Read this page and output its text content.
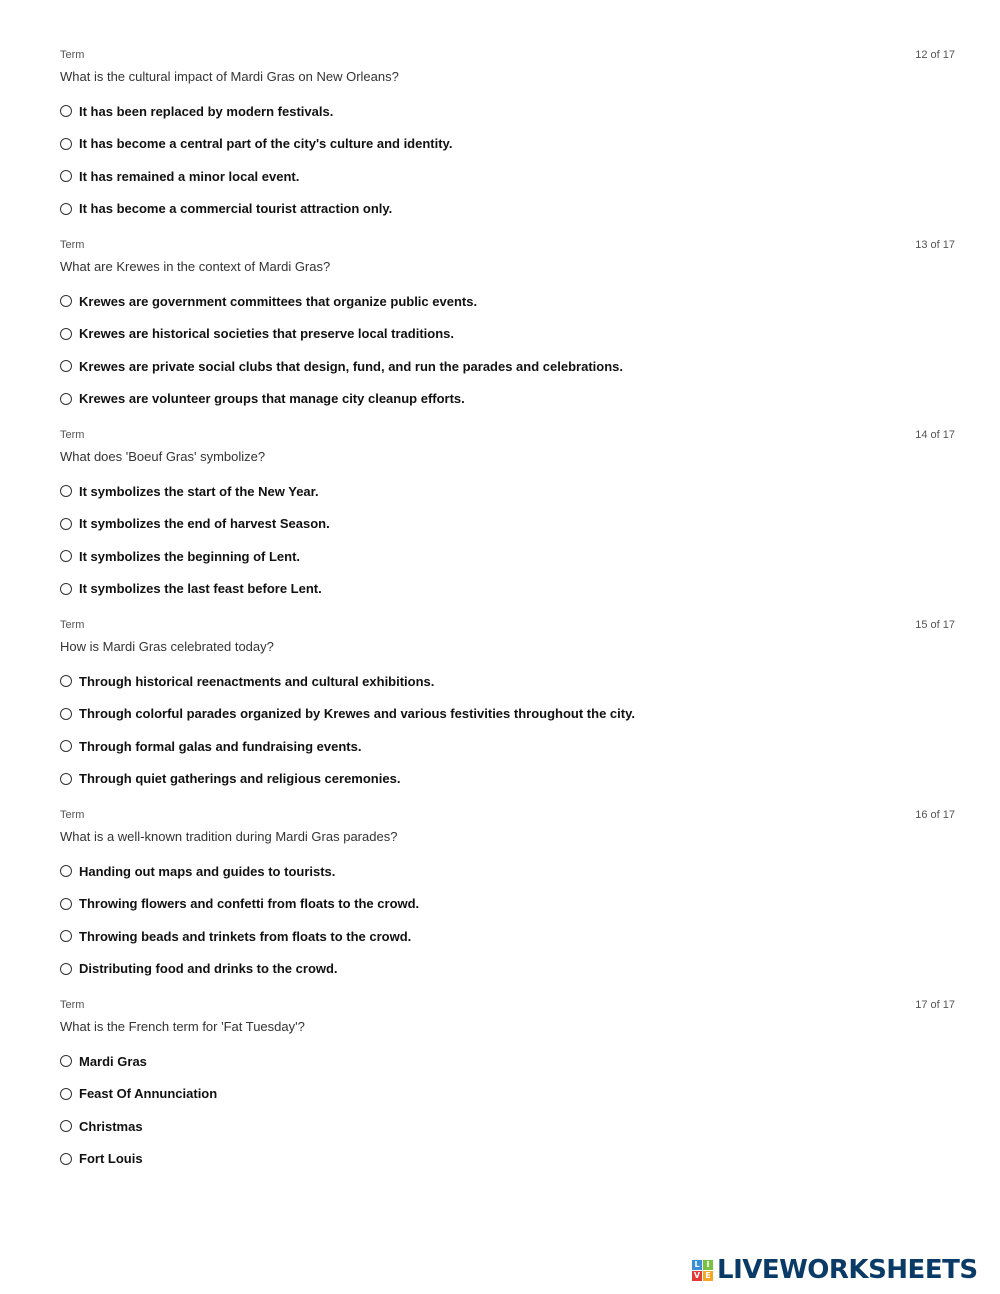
Term	12 of 17
What is the cultural impact of Mardi Gras on New Orleans?
It has been replaced by modern festivals.
It has become a central part of the city's culture and identity.
It has remained a minor local event.
It has become a commercial tourist attraction only.
Term	13 of 17
What are Krewes in the context of Mardi Gras?
Krewes are government committees that organize public events.
Krewes are historical societies that preserve local traditions.
Krewes are private social clubs that design, fund, and run the parades and celebrations.
Krewes are volunteer groups that manage city cleanup efforts.
Term	14 of 17
What does 'Boeuf Gras' symbolize?
It symbolizes the start of the New Year.
It symbolizes the end of harvest Season.
It symbolizes the beginning of Lent.
It symbolizes the last feast before Lent.
Term	15 of 17
How is Mardi Gras celebrated today?
Through historical reenactments and cultural exhibitions.
Through colorful parades organized by Krewes and various festivities throughout the city.
Through formal galas and fundraising events.
Through quiet gatherings and religious ceremonies.
Term	16 of 17
What is a well-known tradition during Mardi Gras parades?
Handing out maps and guides to tourists.
Throwing flowers and confetti from floats to the crowd.
Throwing beads and trinkets from floats to the crowd.
Distributing food and drinks to the crowd.
Term	17 of 17
What is the French term for 'Fat Tuesday'?
Mardi Gras
Feast Of Annunciation
Christmas
Fort Louis
L I
V E LIVEWORKSHEETS
